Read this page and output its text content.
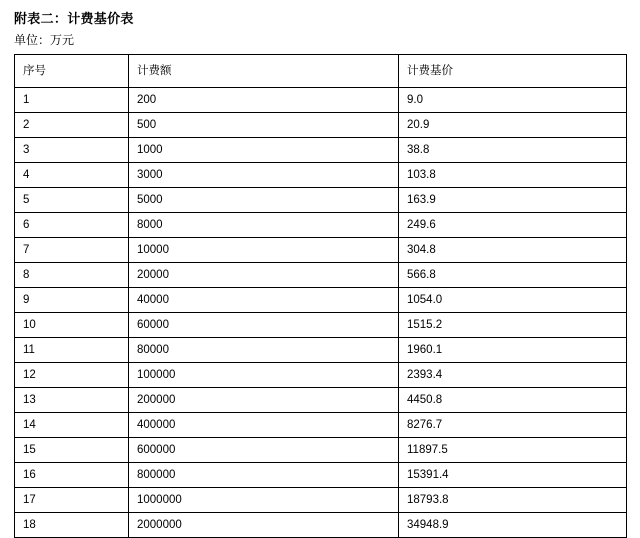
附表二：计费基价表
单位：万元
序号	计费额	计费基价
1	200	9.0
2	500	20.9
3	1000	38.8
4	3000	103.8
5	5000	163.9
6	8000	249.6
7	10000	304.8
8	20000	566.8
9	40000	1054.0
10	60000	1515.2
11	80000	1960.1
12	100000	2393.4
13	200000	4450.8
14	400000	8276.7
15	600000	11897.5
16	800000	15391.4
17	1000000	18793.8
18	2000000	34948.9
